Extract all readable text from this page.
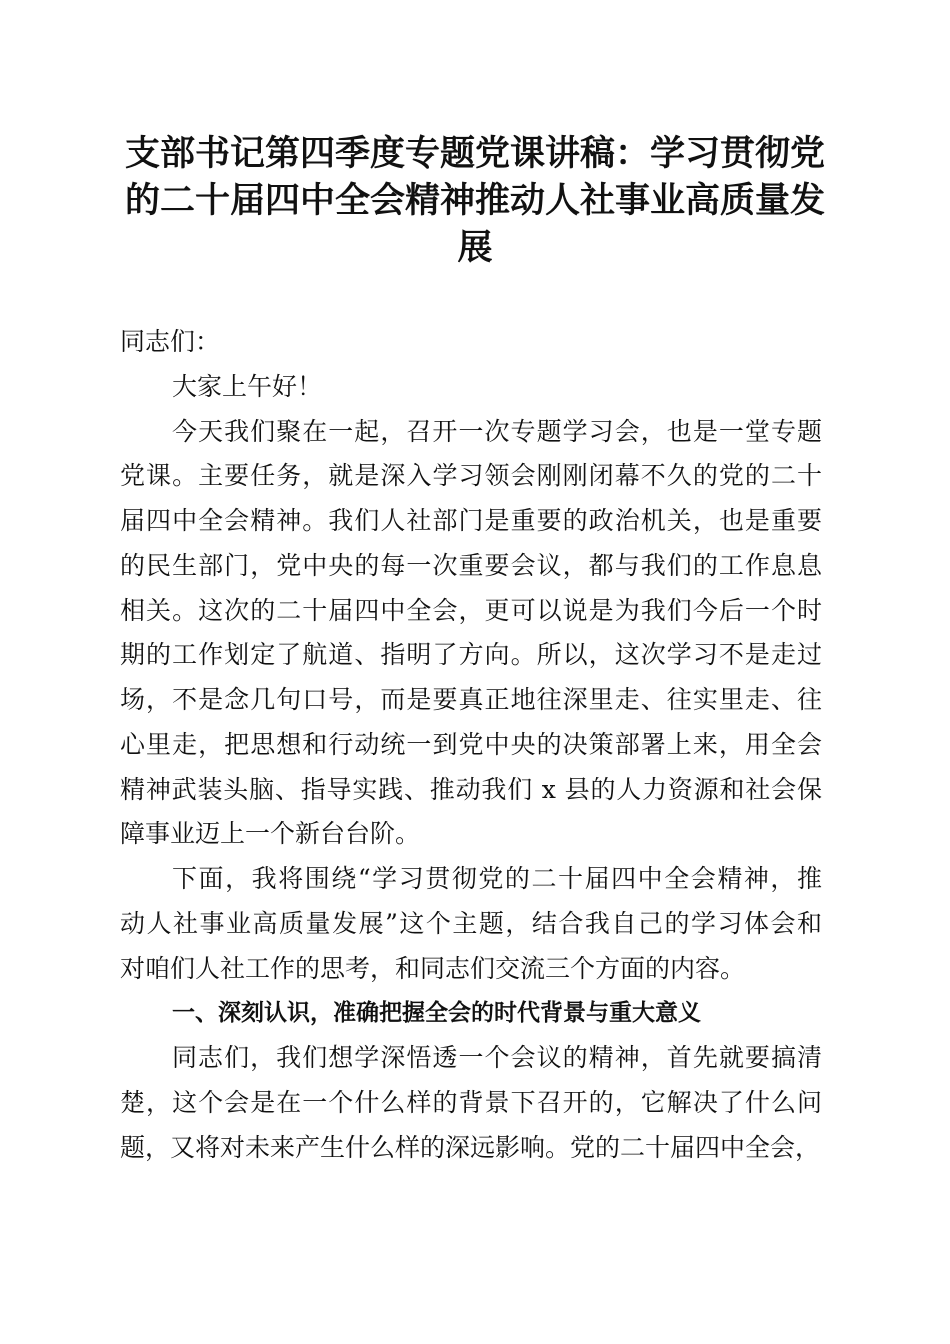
支部书记第四季度专题党课讲稿：学习贯彻党
的二十届四中全会精神推动人社事业高质量发
展
同志们：
大家上午好！
今天我们聚在一起，召开一次专题学习会，也是一堂专题
党课。主要任务，就是深入学习领会刚刚闭幕不久的党的二十
届四中全会精神。我们人社部门是重要的政治机关，也是重要
的民生部门，党中央的每一次重要会议，都与我们的工作息息
相关。这次的二十届四中全会，更可以说是为我们今后一个时
期的工作划定了航道、指明了方向。所以，这次学习不是走过
场，不是念几句口号，而是要真正地往深里走、往实里走、往
心里走，把思想和行动统一到党中央的决策部署上来，用全会
精神武装头脑、指导实践、推动我们 x 县的人力资源和社会保
障事业迈上一个新台台阶。
下面，我将围绕“学习贯彻党的二十届四中全会精神，推
动人社事业高质量发展”这个主题，结合我自己的学习体会和
对咱们人社工作的思考，和同志们交流三个方面的内容。
一、深刻认识，准确把握全会的时代背景与重大意义
同志们，我们想学深悟透一个会议的精神，首先就要搞清
楚，这个会是在一个什么样的背景下召开的，它解决了什么问
题，又将对未来产生什么样的深远影响。党的二十届四中全会，
